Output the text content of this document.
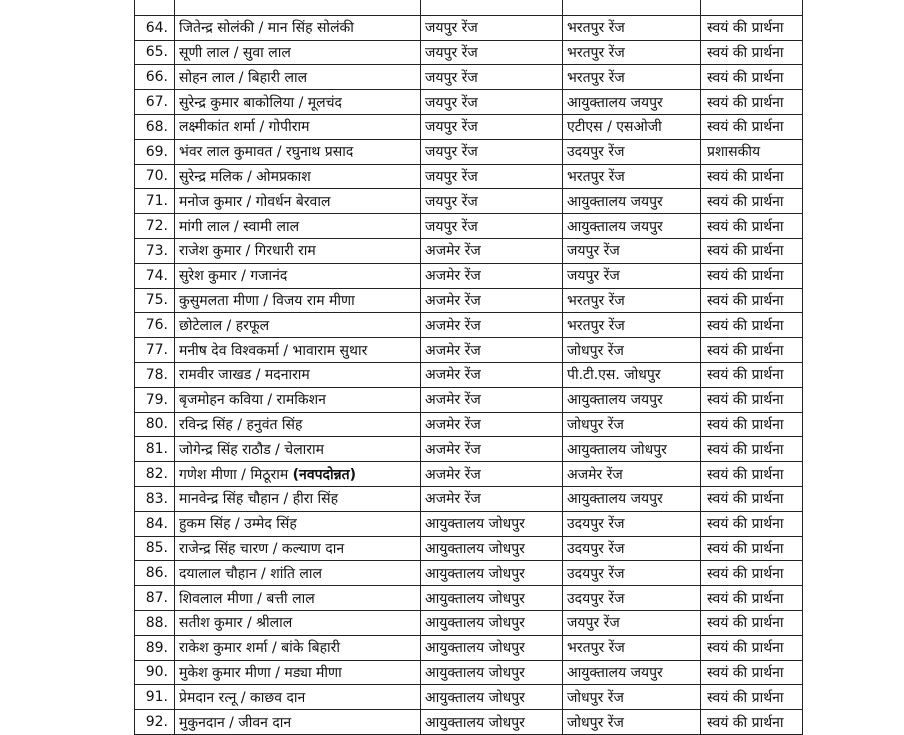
64.	जितेन्द्र सोलंकी / मान सिंह सोलंकी	जयपुर रेंज	भरतपुर रेंज	स्वयं की प्रार्थना
65.	सूणी लाल / सुवा लाल	जयपुर रेंज	भरतपुर रेंज	स्वयं की प्रार्थना
66.	सोहन लाल / बिहारी लाल	जयपुर रेंज	भरतपुर रेंज	स्वयं की प्रार्थना
67.	सुरेन्द्र कुमार बाकोलिया / मूलचंद	जयपुर रेंज	आयुक्तालय जयपुर	स्वयं की प्रार्थना
68.	लक्ष्मीकांत शर्मा / गोपीराम	जयपुर रेंज	एटीएस / एसओजी	स्वयं की प्रार्थना
69.	भंवर लाल कुमावत / रघुनाथ प्रसाद	जयपुर रेंज	उदयपुर रेंज	प्रशासकीय
70.	सुरेन्द्र मलिक / ओमप्रकाश	जयपुर रेंज	भरतपुर रेंज	स्वयं की प्रार्थना
71.	मनोज कुमार / गोवर्धन बेरवाल	जयपुर रेंज	आयुक्तालय जयपुर	स्वयं की प्रार्थना
72.	मांगी लाल / स्वामी लाल	जयपुर रेंज	आयुक्तालय जयपुर	स्वयं की प्रार्थना
73.	राजेश कुमार / गिरधारी राम	अजमेर रेंज	जयपुर रेंज	स्वयं की प्रार्थना
74.	सुरेश कुमार / गजानंद	अजमेर रेंज	जयपुर रेंज	स्वयं की प्रार्थना
75.	कुसुमलता मीणा / विजय राम मीणा	अजमेर रेंज	भरतपुर रेंज	स्वयं की प्रार्थना
76.	छोटेलाल / हरफूल	अजमेर रेंज	भरतपुर रेंज	स्वयं की प्रार्थना
77.	मनीष देव विश्वकर्मा / भावाराम सुथार	अजमेर रेंज	जोधपुर रेंज	स्वयं की प्रार्थना
78.	रामवीर जाखड / मदनाराम	अजमेर रेंज	पी.टी.एस. जोधपुर	स्वयं की प्रार्थना
79.	बृजमोहन कविया / रामकिशन	अजमेर रेंज	आयुक्तालय जयपुर	स्वयं की प्रार्थना
80.	रविन्द्र सिंह / हनुवंत सिंह	अजमेर रेंज	जोधपुर रेंज	स्वयं की प्रार्थना
81.	जोगेन्द्र सिंह राठौड / चेलाराम	अजमेर रेंज	आयुक्तालय जोधपुर	स्वयं की प्रार्थना
82.	गणेश मीणा / मिठूराम (नवपदोन्नत)	अजमेर रेंज	अजमेर रेंज	स्वयं की प्रार्थना
83.	मानवेन्द्र सिंह चौहान / हीरा सिंह	अजमेर रेंज	आयुक्तालय जयपुर	स्वयं की प्रार्थना
84.	हुकम सिंह / उम्मेद सिंह	आयुक्तालय जोधपुर	उदयपुर रेंज	स्वयं की प्रार्थना
85.	राजेन्द्र सिंह चारण / कल्याण दान	आयुक्तालय जोधपुर	उदयपुर रेंज	स्वयं की प्रार्थना
86.	दयालाल चौहान / शांति लाल	आयुक्तालय जोधपुर	उदयपुर रेंज	स्वयं की प्रार्थना
87.	शिवलाल मीणा / बत्ती लाल	आयुक्तालय जोधपुर	उदयपुर रेंज	स्वयं की प्रार्थना
88.	सतीश कुमार / श्रीलाल	आयुक्तालय जोधपुर	जयपुर रेंज	स्वयं की प्रार्थना
89.	राकेश कुमार शर्मा / बांके बिहारी	आयुक्तालय जोधपुर	भरतपुर रेंज	स्वयं की प्रार्थना
90.	मुकेश कुमार मीणा / मड्या मीणा	आयुक्तालय जोधपुर	आयुक्तालय जयपुर	स्वयं की प्रार्थना
91.	प्रेमदान रत्नू / काछव दान	आयुक्तालय जोधपुर	जोधपुर रेंज	स्वयं की प्रार्थना
92.	मुकुनदान / जीवन दान	आयुक्तालय जोधपुर	जोधपुर रेंज	स्वयं की प्रार्थना
